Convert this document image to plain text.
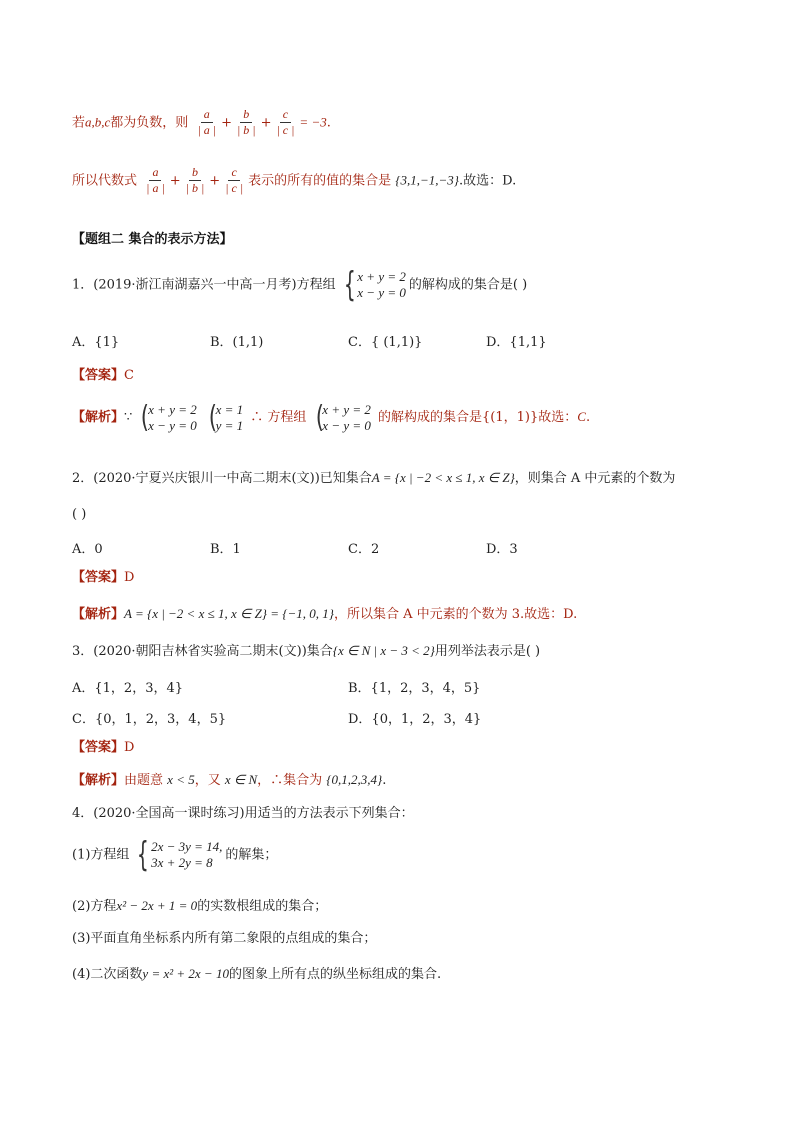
若a,b,c都为负数，则 $\frac{a}{| a |} + \frac{b}{| b |} + \frac{c}{| c |} = -3$.
所以代数式 $\frac{a}{| a |} + \frac{b}{| b |} + \frac{c}{| c |}$ 表示的所有的值的集合是 {3,1,−1,−3}.故选：D.
【题组二 集合的表示方法】
1．(2019·浙江南湖嘉兴一中高一月考)方程组 { x + y = 2
x − y = 0 的解构成的集合是( )
A．{1}	B．(1,1)	C．{ (1,1)}	D．{1,1}
【答案】C
【解析】∵ (
x + y = 2
x − y = 0
(
x = 1
y = 1 ∴ 方程组 (
x + y = 2
x − y = 0 的解构成的集合是{(1，1)}故选：C.
2．(2020·宁夏兴庆银川一中高二期末(文))已知集合A = {x | −2 < x ≤ 1, x ∈ Z}，则集合 A 中元素的个数为
( )
A．0	B．1	C．2	D．3
【答案】D
【解析】A = {x | −2 < x ≤ 1, x ∈ Z} = {−1, 0, 1}，所以集合 A 中元素的个数为 3.故选：D.
3．(2020·朝阳吉林省实验高二期末(文))集合{x ∈ N | x − 3 < 2}用列举法表示是( )
A．{1，2，3，4}	B．{1，2，3，4，5}
C．{0，1，2，3，4，5}	D．{0，1，2，3，4}
【答案】D
【解析】由题意 x < 5，又 x ∈ N，∴集合为 {0,1,2,3,4}.
4．(2020·全国高一课时练习)用适当的方法表示下列集合：
(1)方程组 { 2x − 3y = 14,
3x + 2y = 8 的解集；
(2)方程x² − 2x + 1 = 0的实数根组成的集合；
(3)平面直角坐标系内所有第二象限的点组成的集合；
(4)二次函数y = x² + 2x − 10的图象上所有点的纵坐标组成的集合.
